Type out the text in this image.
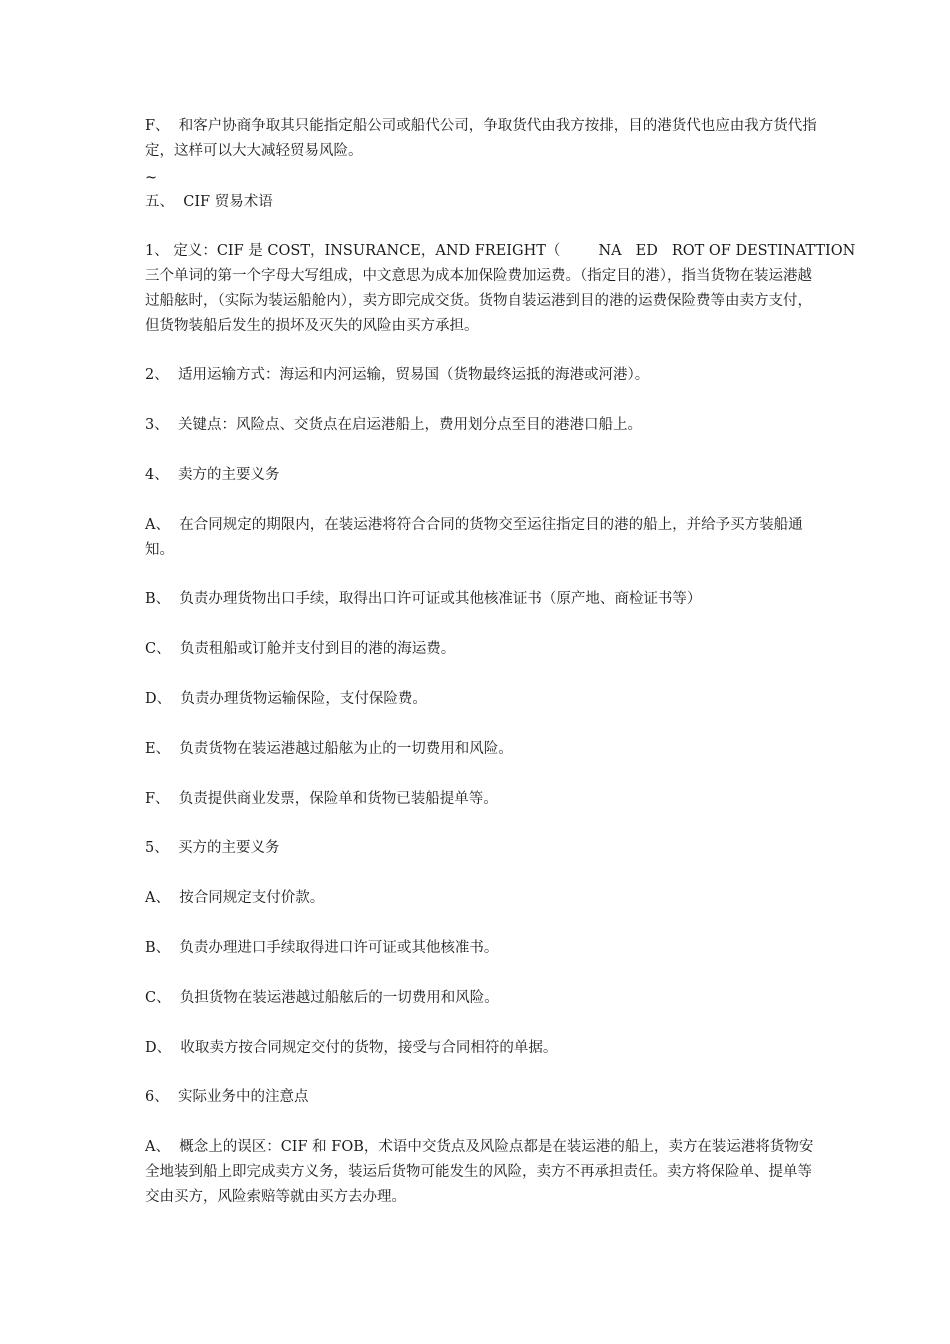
F、  和客户协商争取其只能指定船公司或船代公司，争取货代由我方按排，目的港货代也应由我方货代指定，这样可以大大减轻贸易风险。

~

五、  CIF 贸易术语

1、 定义：CIF 是 COST，INSURANCE，AND FREIGHT（	NA ED ROT OF DESTINATTION

三个单词的第一个字母大写组成，中文意思为成本加保险费加运费。（指定目的港），指当货物在装运港越过船舷时，（实际为装运船舱内），卖方即完成交货。货物自装运港到目的港的运费保险费等由卖方支付，但货物装船后发生的损坏及灭失的风险由买方承担。

2、  适用运输方式：海运和内河运输，贸易国（货物最终运抵的海港或河港）。

3、  关键点：风险点、交货点在启运港船上，费用划分点至目的港港口船上。

4、  卖方的主要义务

A、  在合同规定的期限内，在装运港将符合合同的货物交至运往指定目的港的船上，并给予买方装船通知。

B、  负责办理货物出口手续，取得出口许可证或其他核准证书（原产地、商检证书等）

C、  负责租船或订舱并支付到目的港的海运费。

D、  负责办理货物运输保险，支付保险费。

E、  负责货物在装运港越过船舷为止的一切费用和风险。

F、  负责提供商业发票，保险单和货物已装船提单等。

5、  买方的主要义务

A、  按合同规定支付价款。

B、  负责办理进口手续取得进口许可证或其他核准书。

C、  负担货物在装运港越过船舷后的一切费用和风险。

D、  收取卖方按合同规定交付的货物，接受与合同相符的单据。

6、  实际业务中的注意点

A、  概念上的误区：CIF 和 FOB，术语中交货点及风险点都是在装运港的船上，卖方在装运港将货物安全地装到船上即完成卖方义务，装运后货物可能发生的风险，卖方不再承担责任。卖方将保险单、提单等交由买方，风险索赔等就由买方去办理。
